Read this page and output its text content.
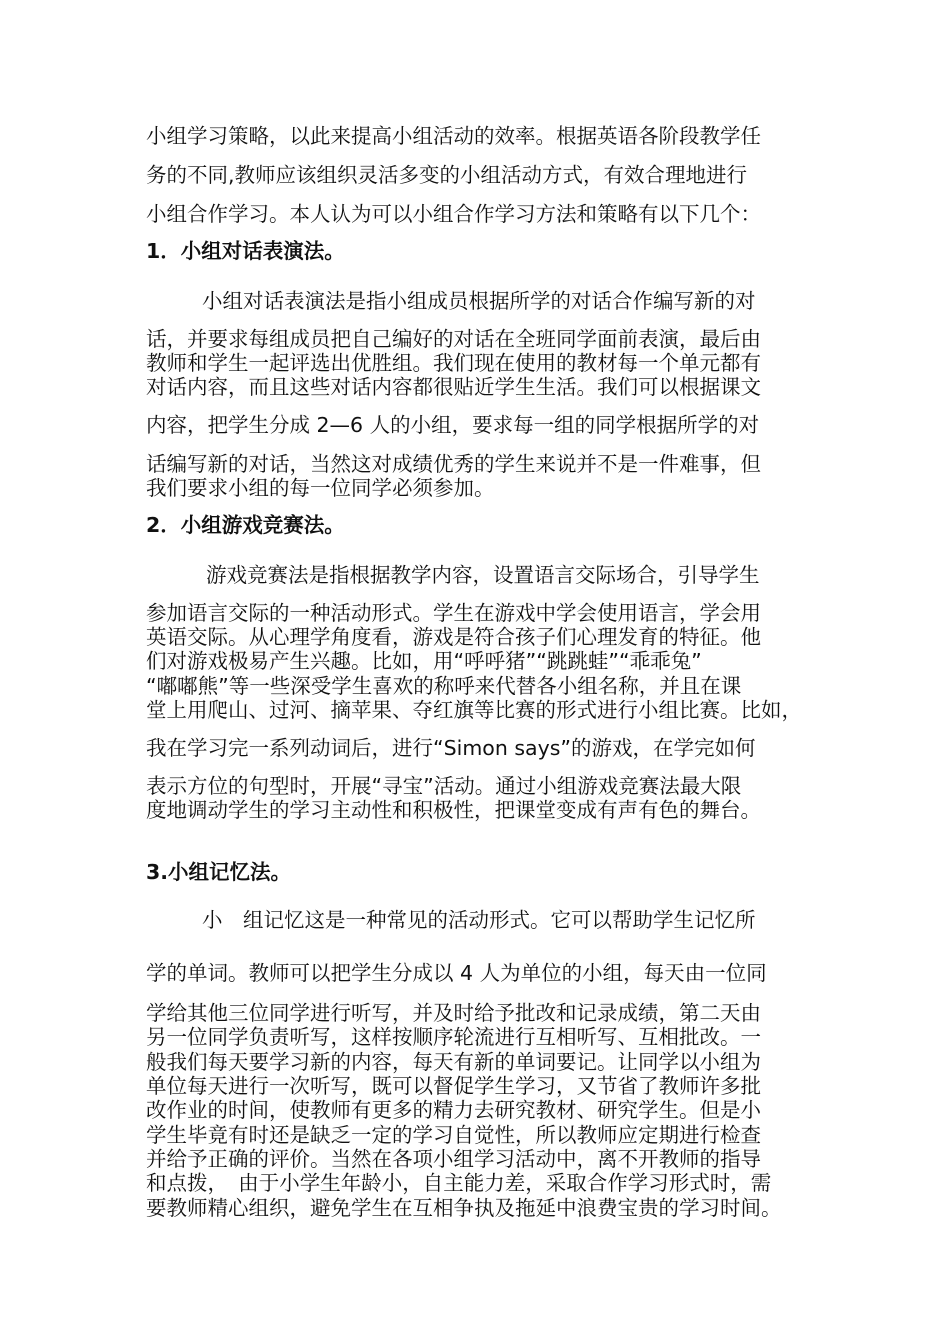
小组学习策略，以此来提高小组活动的效率。根据英语各阶段教学任

务的不同,教师应该组织灵活多变的小组活动方式，有效合理地进行

小组合作学习。本人认为可以小组合作学习方法和策略有以下几个：

1．小组对话表演法。

小组对话表演法是指小组成员根据所学的对话合作编写新的对

话，并要求每组成员把自己编好的对话在全班同学面前表演，最后由

教师和学生一起评选出优胜组。我们现在使用的教材每一个单元都有

对话内容，而且这些对话内容都很贴近学生生活。我们可以根据课文

内容，把学生分成 2—6 人的小组，要求每一组的同学根据所学的对

话编写新的对话，当然这对成绩优秀的学生来说并不是一件难事，但

我们要求小组的每一位同学必须参加。

2．小组游戏竞赛法。

游戏竞赛法是指根据教学内容，设置语言交际场合，引导学生

参加语言交际的一种活动形式。学生在游戏中学会使用语言，学会用

英语交际。从心理学角度看，游戏是符合孩子们心理发育的特征。他

们对游戏极易产生兴趣。比如，用“呼呼猪”“跳跳蛙”“乖乖兔”

“嘟嘟熊”等一些深受学生喜欢的称呼来代替各小组名称，并且在课

堂上用爬山、过河、摘苹果、夺红旗等比赛的形式进行小组比赛。比如，

我在学习完一系列动词后，进行“Simon says”的游戏，在学完如何

表示方位的句型时，开展“寻宝”活动。通过小组游戏竞赛法最大限

度地调动学生的学习主动性和积极性，把课堂变成有声有色的舞台。

3.小组记忆法。

小　组记忆这是一种常见的活动形式。它可以帮助学生记忆所

学的单词。教师可以把学生分成以 4 人为单位的小组，每天由一位同

学给其他三位同学进行听写，并及时给予批改和记录成绩，第二天由

另一位同学负责听写，这样按顺序轮流进行互相听写、互相批改。一

般我们每天要学习新的内容，每天有新的单词要记。让同学以小组为

单位每天进行一次听写，既可以督促学生学习，又节省了教师许多批

改作业的时间，使教师有更多的精力去研究教材、研究学生。但是小

学生毕竟有时还是缺乏一定的学习自觉性，所以教师应定期进行检查

并给予正确的评价。当然在各项小组学习活动中，离不开教师的指导

和点拨，　由于小学生年龄小，自主能力差，采取合作学习形式时，需

要教师精心组织，避免学生在互相争执及拖延中浪费宝贵的学习时间。
